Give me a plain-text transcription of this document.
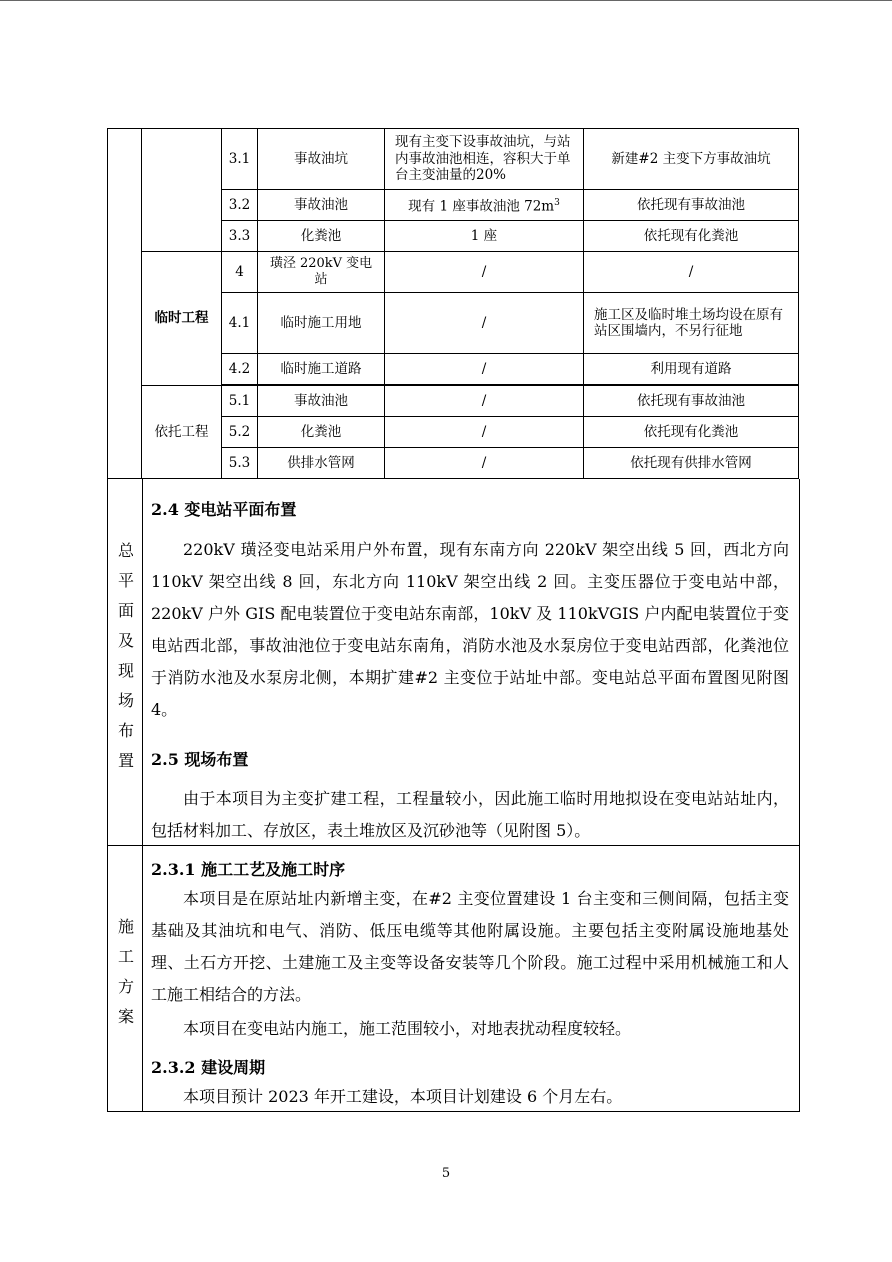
		3.1	事故油坑	现有主变下设事故油坑，与站内事故油池相连，容积大于单台主变油量的20%	新建#2 主变下方事故油坑
		3.2	事故油池	现有 1 座事故油池 $72m^3$	依托现有事故油池
		3.3	化粪池	1 座	依托现有化粪池
	临时工程	4	璜泾 220kV 变电站	/	/
		4.1	临时施工用地	/	施工区及临时堆土场均设在原有站区围墙内，不另行征地
		4.2	临时施工道路	/	利用现有道路

	依托工程	5.1	事故油池	/	依托现有事故油池
		5.2	化粪池	/	依托现有化粪池
		5.3	供排水管网	/	依托现有供排水管网
总平面及现场布置

2.4 变电站平面布置

220kV 璜泾变电站采用户外布置，现有东南方向 220kV 架空出线 5 回，西北方向 110kV 架空出线 8 回，东北方向 110kV 架空出线 2 回。主变压器位于变电站中部，220kV 户外 GIS 配电装置位于变电站东南部，10kV 及 110kVGIS 户内配电装置位于变电站西北部，事故油池位于变电站东南角，消防水池及水泵房位于变电站西部，化粪池位于消防水池及水泵房北侧，本期扩建#2 主变位于站址中部。变电站总平面布置图见附图 4。

2.5 现场布置

由于本项目为主变扩建工程，工程量较小，因此施工临时用地拟设在变电站站址内，包括材料加工、存放区，表土堆放区及沉砂池等（见附图 5）。

施工方案

2.3.1 施工工艺及施工时序

本项目是在原站址内新增主变，在#2 主变位置建设 1 台主变和三侧间隔，包括主变基础及其油坑和电气、消防、低压电缆等其他附属设施。主要包括主变附属设施地基处理、土石方开挖、土建施工及主变等设备安装等几个阶段。施工过程中采用机械施工和人工施工相结合的方法。

本项目在变电站内施工，施工范围较小，对地表扰动程度较轻。

2.3.2 建设周期

本项目预计 2023 年开工建设，本项目计划建设 6 个月左右。

5
